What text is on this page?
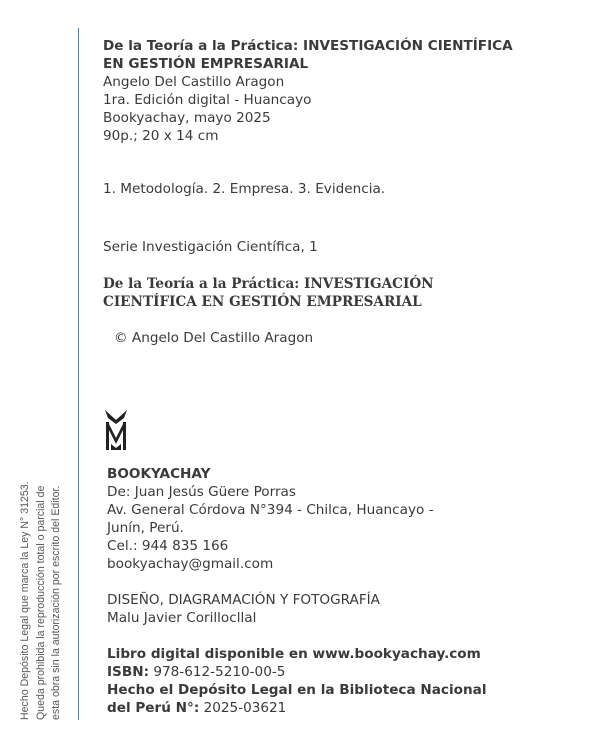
Hecho Depósito Legal que marca la Ley N° 31253. Queda prohibida la reproducción total o parcial de esta obra sin la autorización por escrito del Editor.
De la Teoría a la Práctica: INVESTIGACIÓN CIENTÍFICA
EN GESTIÓN EMPRESARIAL
Angelo Del Castillo Aragon
1ra. Edición digital - Huancayo
Bookyachay, mayo 2025
90p.; 20 x 14 cm
1. Metodología. 2. Empresa. 3. Evidencia.
Serie Investigación Científica, 1
De la Teoría a la Práctica: INVESTIGACIÓN
CIENTÍFICA EN GESTIÓN EMPRESARIAL
© Angelo Del Castillo Aragon
BOOKYACHAY
De: Juan Jesús Güere Porras
Av. General Córdova N°394 - Chilca, Huancayo -
Junín, Perú.
Cel.: 944 835 166
bookyachay@gmail.com
DISEÑO, DIAGRAMACIÓN Y FOTOGRAFÍA
Malu Javier Corillocllal
Libro digital disponible en www.bookyachay.com
ISBN: 978-612-5210-00-5
Hecho el Depósito Legal en la Biblioteca Nacional
del Perú N°: 2025-03621
